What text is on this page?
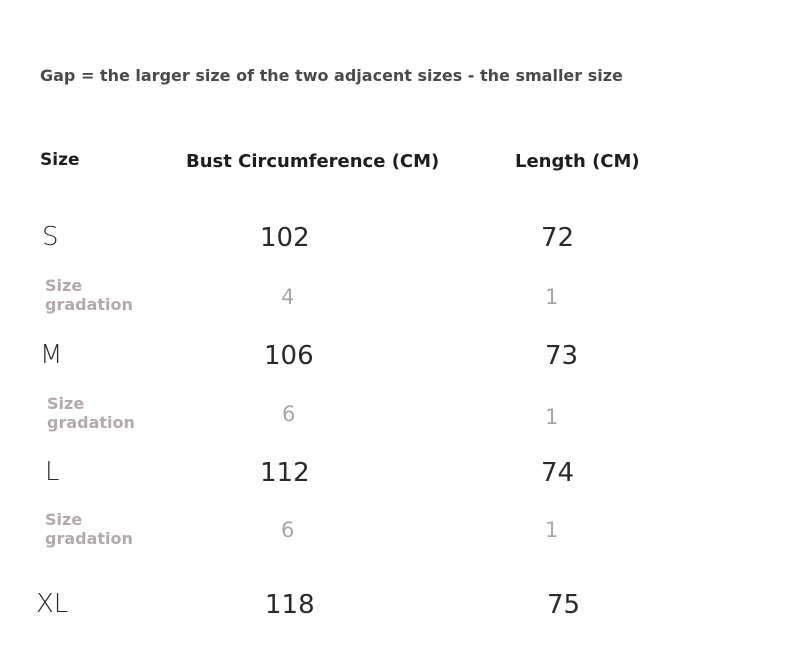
Gap = the larger size of the two adjacent sizes - the smaller size
Size	Bust Circumference (CM)	Length (CM)
S	102	72
Size
gradation	4	1
M	106	73
Size
gradation	6	1
L	112	74
Size
gradation	6	1
XL	118	75
